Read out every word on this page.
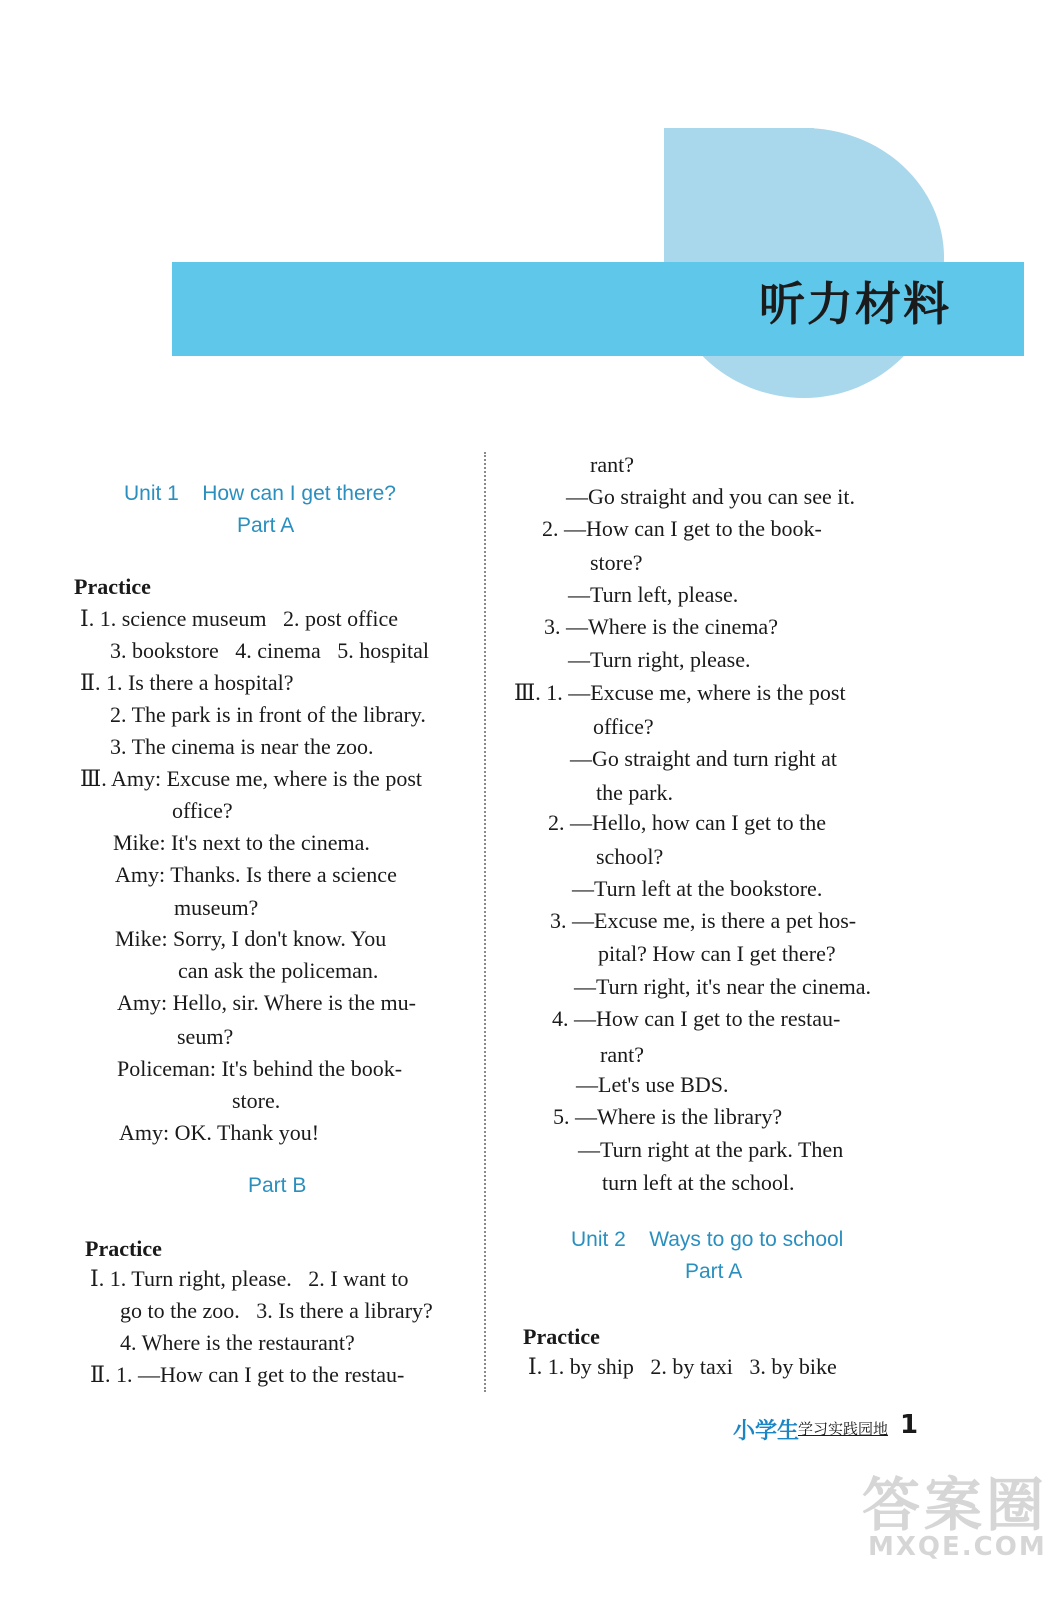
听力材料
Unit 1    How can I get there?
Part A
Practice
Ⅰ. 1. science museum   2. post office
3. bookstore   4. cinema   5. hospital
Ⅱ. 1. Is there a hospital?
2. The park is in front of the library.
3. The cinema is near the zoo.
Ⅲ. Amy: Excuse me, where is the post
office?
Mike: It's next to the cinema.
Amy: Thanks. Is there a science
museum?
Mike: Sorry, I don't know. You
can ask the policeman.
Amy: Hello, sir. Where is the mu-
seum?
Policeman: It's behind the book-
store.
Amy: OK. Thank you!
Part B
Practice
Ⅰ. 1. Turn right, please.   2. I want to
go to the zoo.   3. Is there a library?
4. Where is the restaurant?
Ⅱ. 1. —How can I get to the restau-
rant?
—Go straight and you can see it.
2. —How can I get to the book-
store?
—Turn left, please.
3. —Where is the cinema?
—Turn right, please.
Ⅲ. 1. —Excuse me, where is the post
office?
—Go straight and turn right at
the park.
2. —Hello, how can I get to the
school?
—Turn left at the bookstore.
3. —Excuse me, is there a pet hos-
pital? How can I get there?
—Turn right, it's near the cinema.
4. —How can I get to the restau-
rant?
—Let's use BDS.
5. —Where is the library?
—Turn right at the park. Then
turn left at the school.
Unit 2    Ways to go to school
Part A
Practice
Ⅰ. 1. by ship   2. by taxi   3. by bike
小学生
学习实践园地 1
答案圈
MXQE.COM
